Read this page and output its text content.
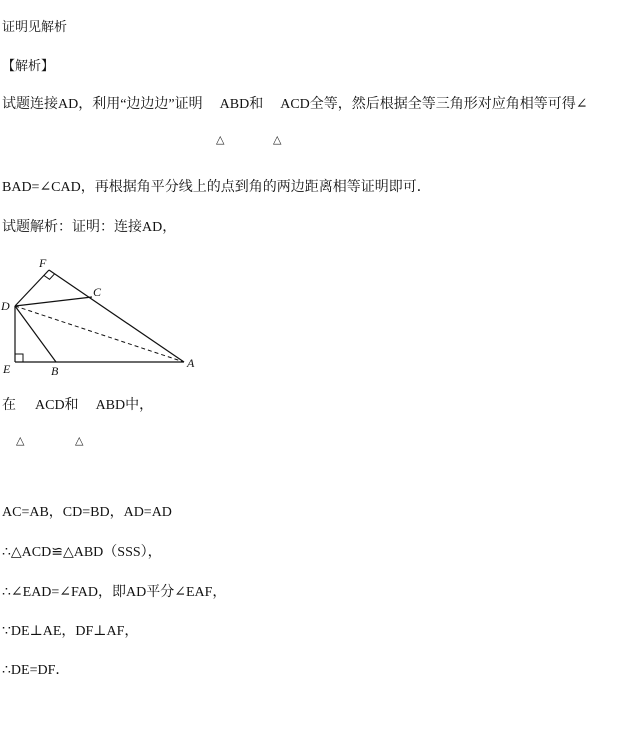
证明见解析
【解析】
试题连接AD，利用“边边边”证明 ABD和 ACD全等，然后根据全等三角形对应角相等可得∠
△	△
BAD=∠CAD，再根据角平分线上的点到角的两边距离相等证明即可．
试题解析：证明：连接AD，
F
C
D
E	B
A
在 ACD和 ABD中，
△	△
AC=AB，CD=BD，AD=AD
∴△ACD≌△ABD（SSS），
∴∠EAD=∠FAD，即AD平分∠EAF，
∵DE⊥AE，DF⊥AF，
∴DE=DF．
